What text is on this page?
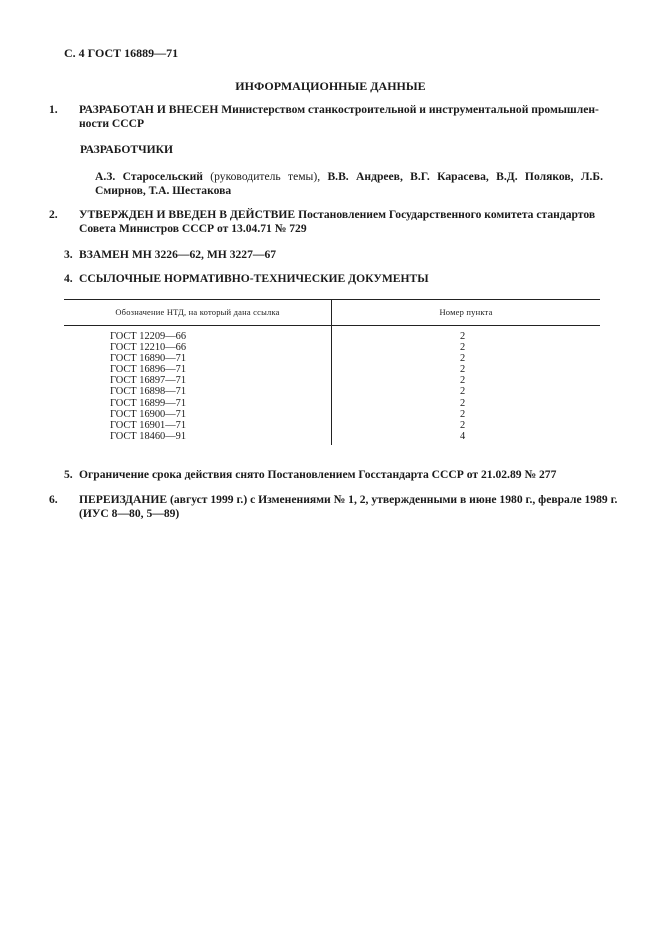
С. 4 ГОСТ 16889—71
ИНФОРМАЦИОННЫЕ ДАННЫЕ
1. РАЗРАБОТАН И ВНЕСЕН Министерством станкостроительной и инструментальной промышлен-ности СССР
РАЗРАБОТЧИКИ
А.З. Старосельский (руководитель темы), В.В. Андреев, В.Г. Карасева, В.Д. Поляков, Л.Б. Смирнов, Т.А. Шестакова
2. УТВЕРЖДЕН И ВВЕДЕН В ДЕЙСТВИЕ Постановлением Государственного комитета стандартов Совета Министров СССР от 13.04.71 № 729
3. ВЗАМЕН МН 3226—62, МН 3227—67
4. ССЫЛОЧНЫЕ НОРМАТИВНО-ТЕХНИЧЕСКИЕ ДОКУМЕНТЫ
Обозначение НТД, на который дана ссылка	Номер пункта
ГОСТ 12209—66	2
ГОСТ 12210—66	2
ГОСТ 16890—71	2
ГОСТ 16896—71	2
ГОСТ 16897—71	2
ГОСТ 16898—71	2
ГОСТ 16899—71	2
ГОСТ 16900—71	2
ГОСТ 16901—71	2
ГОСТ 18460—91	4
5. Ограничение срока действия снято Постановлением Госстандарта СССР от 21.02.89 № 277
6. ПЕРЕИЗДАНИЕ (август 1999 г.) с Изменениями № 1, 2, утвержденными в июне 1980 г., феврале 1989 г. (ИУС 8—80, 5—89)
